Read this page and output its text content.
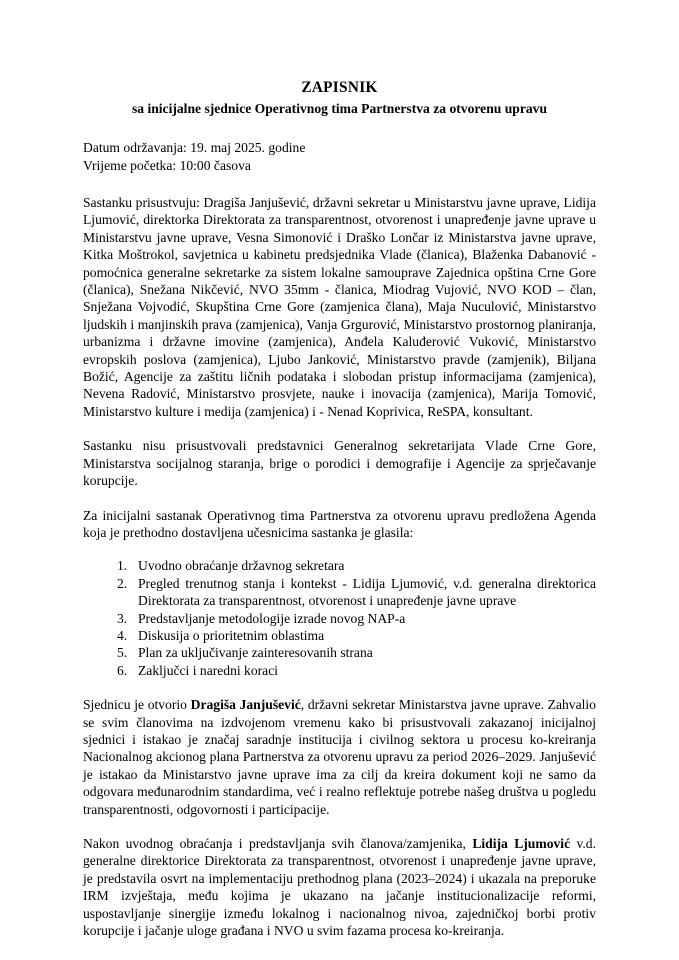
ZAPISNIK
sa inicijalne sjednice Operativnog tima Partnerstva za otvorenu upravu

Datum održavanja: 19. maj 2025. godine

Vrijeme početka: 10:00 časova

Sastanku prisustvuju: Dragiša Janjušević, državni sekretar u Ministarstvu javne uprave, Lidija Ljumović, direktorka Direktorata za transparentnost, otvorenost i unapređenje javne uprave u Ministarstvu javne uprave, Vesna Simonović i Draško Lončar iz Ministarstva javne uprave, Kitka Moštrokol, savjetnica u kabinetu predsjednika Vlade (članica), Blaženka Dabanović - pomoćnica generalne sekretarke za sistem lokalne samouprave Zajednica opština Crne Gore (članica), Snežana Nikčević, NVO 35mm - članica, Miodrag Vujović, NVO KOD – član, Snježana Vojvodić, Skupština Crne Gore (zamjenica člana), Maja Nuculović, Ministarstvo ljudskih i manjinskih prava (zamjenica), Vanja Grgurović, Ministarstvo prostornog planiranja, urbanizma i državne imovine (zamjenica), Anđela Kaluđerović Vuković, Ministarstvo evropskih poslova (zamjenica), Ljubo Janković, Ministarstvo pravde (zamjenik), Biljana Božić, Agencije za zaštitu ličnih podataka i slobodan pristup informacijama (zamjenica), Nevena Radović, Ministarstvo prosvjete, nauke i inovacija (zamjenica), Marija Tomović, Ministarstvo kulture i medija (zamjenica) i - Nenad Koprivica, ReSPA, konsultant.

Sastanku nisu prisustvovali predstavnici Generalnog sekretarijata Vlade Crne Gore, Ministarstva socijalnog staranja, brige o porodici i demografije i Agencije za sprječavanje korupcije.

Za inicijalni sastanak Operativnog tima Partnerstva za otvorenu upravu predložena Agenda koja je prethodno dostavljena učesnicima sastanka je glasila:

Uvodno obraćanje državnog sekretara
Pregled trenutnog stanja i kontekst - Lidija Ljumović, v.d. generalna direktorica Direktorata za transparentnost, otvorenost i unapređenje javne uprave
Predstavljanje metodologije izrade novog NAP-a
Diskusija o prioritetnim oblastima
Plan za uključivanje zainteresovanih strana
Zaključci i naredni koraci

Sjednicu je otvorio Dragiša Janjušević, državni sekretar Ministarstva javne uprave. Zahvalio se svim članovima na izdvojenom vremenu kako bi prisustvovali zakazanoj inicijalnoj sjednici i istakao je značaj saradnje institucija i civilnog sektora u procesu ko-kreiranja Nacionalnog akcionog plana Partnerstva za otvorenu upravu za period 2026–2029. Janjušević je istakao da Ministarstvo javne uprave ima za cilj da kreira dokument koji ne samo da odgovara međunarodnim standardima, već i realno reflektuje potrebe našeg društva u pogledu transparentnosti, odgovornosti i participacije.

Nakon uvodnog obraćanja i predstavljanja svih članova/zamjenika, Lidija Ljumović v.d. generalne direktorice Direktorata za transparentnost, otvorenost i unapređenje javne uprave, je predstavila osvrt na implementaciju prethodnog plana (2023–2024) i ukazala na preporuke IRM izvještaja, među kojima je ukazano na jačanje institucionalizacije reformi, uspostavljanje sinergije između lokalnog i nacionalnog nivoa, zajedničkoj borbi protiv korupcije i jačanje uloge građana i NVO u svim fazama procesa ko-kreiranja.
